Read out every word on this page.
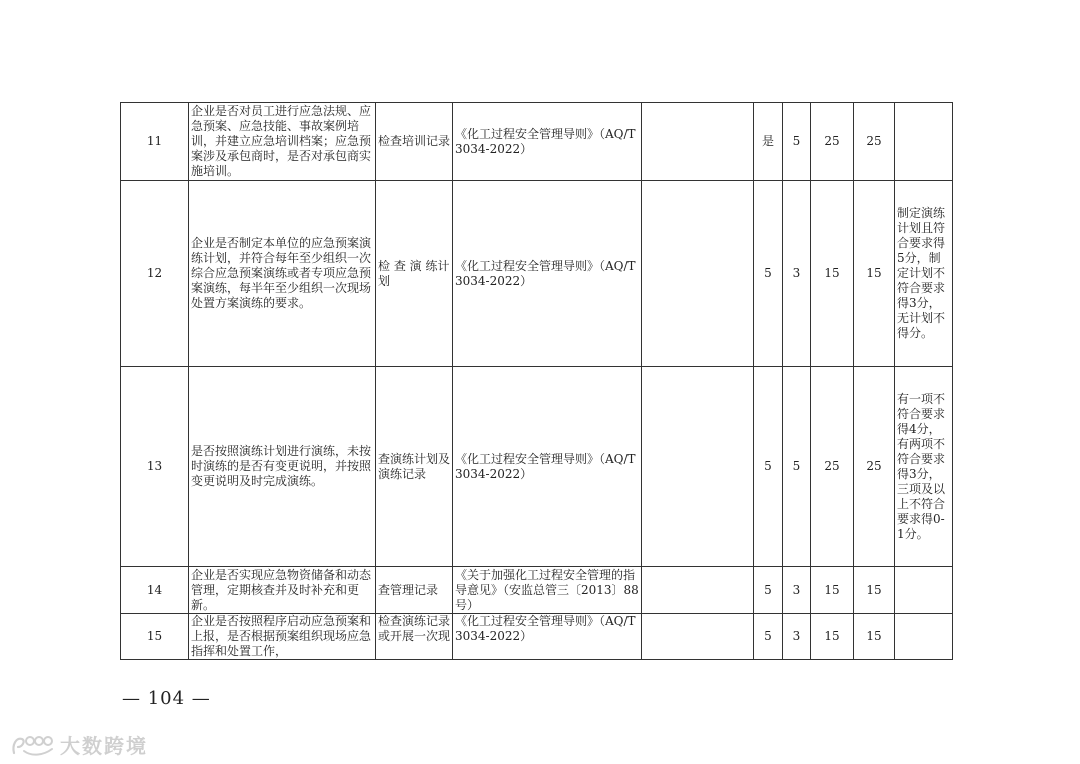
11	企业是否对员工进行应急法规、应急预案、应急技能、事故案例培训，并建立应急培训档案；应急预案涉及承包商时，是否对承包商实施培训。	检查培训记录	《化工过程安全管理导则》（AQ/T3034-2022）		是	5	25	25	
12	企业是否制定本单位的应急预案演练计划，并符合每年至少组织一次综合应急预案演练或者专项应急预案演练，每半年至少组织一次现场处置方案演练的要求。	检 查 演 练计划	《化工过程安全管理导则》（AQ/T3034-2022）		5	3	15	15	制定演练计划且符合要求得5分，制定计划不符合要求得3分，无计划不得分。
13	是否按照演练计划进行演练，未按时演练的是否有变更说明，并按照变更说明及时完成演练。	查演练计划及演练记录	《化工过程安全管理导则》（AQ/T3034-2022）		5	5	25	25	有一项不符合要求得4分，有两项不符合要求得3分，三项及以上不符合要求得0-1分。
14	企业是否实现应急物资储备和动态管理，定期核查并及时补充和更新。	查管理记录	《关于加强化工过程安全管理的指导意见》（安监总管三〔2013〕88 号）		5	3	15	15	
15	企业是否按照程序启动应急预案和上报，是否根据预案组织现场应急指挥和处置工作，	检查演练记录或开展一次现	《化工过程安全管理导则》（AQ/T3034-2022）		5	3	15	15	
— 104 —
大数跨境
